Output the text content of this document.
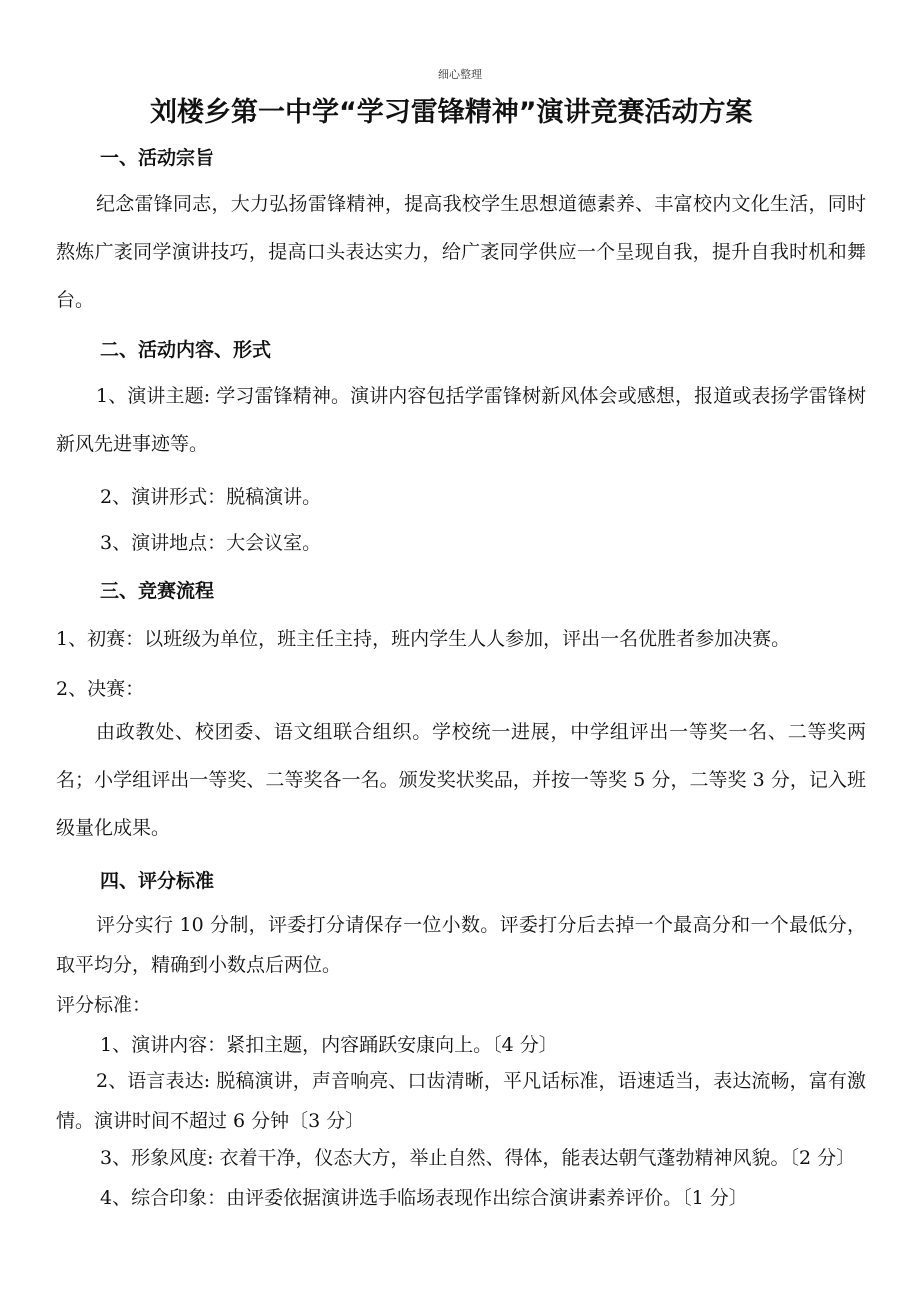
细心整理
刘楼乡第一中学“学习雷锋精神”演讲竞赛活动方案
一、活动宗旨
纪念雷锋同志，大力弘扬雷锋精神，提高我校学生思想道德素养、丰富校内文化生活，同时熬炼广袤同学演讲技巧，提高口头表达实力，给广袤同学供应一个呈现自我，提升自我时机和舞台。
二、活动内容、形式
1、演讲主题: 学习雷锋精神。演讲内容包括学雷锋树新风体会或感想，报道或表扬学雷锋树新风先进事迹等。
2、演讲形式：脱稿演讲。
3、演讲地点：大会议室。
三、竞赛流程
1、初赛：以班级为单位，班主任主持，班内学生人人参加，评出一名优胜者参加决赛。
2、决赛：
由政教处、校团委、语文组联合组织。学校统一进展，中学组评出一等奖一名、二等奖两名；小学组评出一等奖、二等奖各一名。颁发奖状奖品，并按一等奖 5 分，二等奖 3 分，记入班级量化成果。
四、评分标准
评分实行 10 分制，评委打分请保存一位小数。评委打分后去掉一个最高分和一个最低分，取平均分，精确到小数点后两位。
评分标准：
1、演讲内容：紧扣主题，内容踊跃安康向上。〔4 分〕
2、语言表达: 脱稿演讲，声音响亮、口齿清晰，平凡话标准，语速适当，表达流畅，富有激情。演讲时间不超过 6 分钟〔3 分〕
3、形象风度: 衣着干净，仪态大方，举止自然、得体，能表达朝气蓬勃精神风貌。〔2 分〕
4、综合印象：由评委依据演讲选手临场表现作出综合演讲素养评价。〔1 分〕
